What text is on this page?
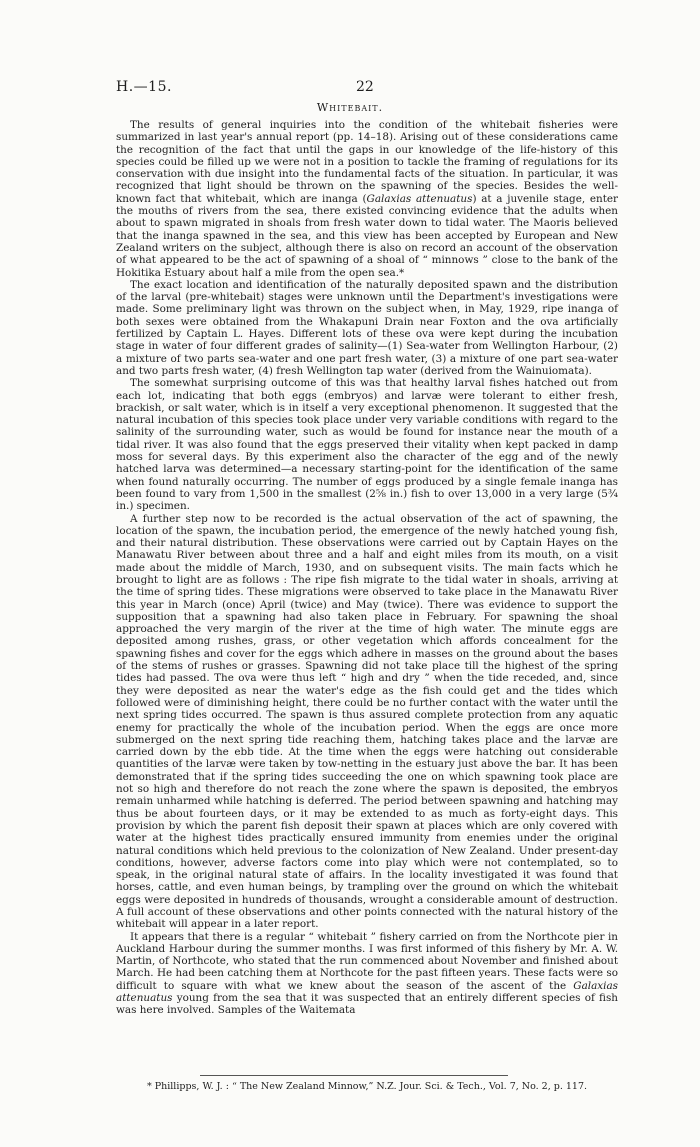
H.—15.	22
Whitebait.

The results of general inquiries into the condition of the whitebait fisheries were summarized in last year's annual report (pp. 14–18). Arising out of these considerations came the recognition of the fact that until the gaps in our knowledge of the life-history of this species could be filled up we were not in a position to tackle the framing of regulations for its conservation with due insight into the fundamental facts of the situation. In particular, it was recognized that light should be thrown on the spawning of the species. Besides the well-known fact that whitebait, which are inanga (Galaxias attenuatus) at a juvenile stage, enter the mouths of rivers from the sea, there existed convincing evidence that the adults when about to spawn migrated in shoals from fresh water down to tidal water. The Maoris believed that the inanga spawned in the sea, and this view has been accepted by European and New Zealand writers on the subject, although there is also on record an account of the observation of what appeared to be the act of spawning of a shoal of “ minnows ” close to the bank of the Hokitika Estuary about half a mile from the open sea.*

The exact location and identification of the naturally deposited spawn and the distribution of the larval (pre-whitebait) stages were unknown until the Department's investigations were made. Some preliminary light was thrown on the subject when, in May, 1929, ripe inanga of both sexes were obtained from the Whakapuni Drain near Foxton and the ova artificially fertilized by Captain L. Hayes. Different lots of these ova were kept during the incubation stage in water of four different grades of salinity—(1) Sea-water from Wellington Harbour, (2) a mixture of two parts sea-water and one part fresh water, (3) a mixture of one part sea-water and two parts fresh water, (4) fresh Wellington tap water (derived from the Wainuiomata).

The somewhat surprising outcome of this was that healthy larval fishes hatched out from each lot, indicating that both eggs (embryos) and larvæ were tolerant to either fresh, brackish, or salt water, which is in itself a very exceptional phenomenon. It suggested that the natural incubation of this species took place under very variable conditions with regard to the salinity of the surrounding water, such as would be found for instance near the mouth of a tidal river. It was also found that the eggs preserved their vitality when kept packed in damp moss for several days. By this experiment also the character of the egg and of the newly hatched larva was determined—a necessary starting-point for the identification of the same when found naturally occurring. The number of eggs produced by a single female inanga has been found to vary from 1,500 in the smallest (2⅝ in.) fish to over 13,000 in a very large (5¾ in.) specimen.

A further step now to be recorded is the actual observation of the act of spawning, the location of the spawn, the incubation period, the emergence of the newly hatched young fish, and their natural distribution. These observations were carried out by Captain Hayes on the Manawatu River between about three and a half and eight miles from its mouth, on a visit made about the middle of March, 1930, and on subsequent visits. The main facts which he brought to light are as follows : The ripe fish migrate to the tidal water in shoals, arriving at the time of spring tides. These migrations were observed to take place in the Manawatu River this year in March (once) April (twice) and May (twice). There was evidence to support the supposition that a spawning had also taken place in February. For spawning the shoal approached the very margin of the river at the time of high water. The minute eggs are deposited among rushes, grass, or other vegetation which affords concealment for the spawning fishes and cover for the eggs which adhere in masses on the ground about the bases of the stems of rushes or grasses. Spawning did not take place till the highest of the spring tides had passed. The ova were thus left “ high and dry ” when the tide receded, and, since they were deposited as near the water's edge as the fish could get and the tides which followed were of diminishing height, there could be no further contact with the water until the next spring tides occurred. The spawn is thus assured complete protection from any aquatic enemy for practically the whole of the incubation period. When the eggs are once more submerged on the next spring tide reaching them, hatching takes place and the larvæ are carried down by the ebb tide. At the time when the eggs were hatching out considerable quantities of the larvæ were taken by tow-netting in the estuary just above the bar. It has been demonstrated that if the spring tides succeeding the one on which spawning took place are not so high and therefore do not reach the zone where the spawn is deposited, the embryos remain unharmed while hatching is deferred. The period between spawning and hatching may thus be about fourteen days, or it may be extended to as much as forty-eight days. This provision by which the parent fish deposit their spawn at places which are only covered with water at the highest tides practically ensured immunity from enemies under the original natural conditions which held previous to the colonization of New Zealand. Under present-day conditions, however, adverse factors come into play which were not contemplated, so to speak, in the original natural state of affairs. In the locality investigated it was found that horses, cattle, and even human beings, by trampling over the ground on which the whitebait eggs were deposited in hundreds of thousands, wrought a considerable amount of destruction. A full account of these observations and other points connected with the natural history of the whitebait will appear in a later report.

It appears that there is a regular “ whitebait ” fishery carried on from the Northcote pier in Auckland Harbour during the summer months. I was first informed of this fishery by Mr. A. W. Martin, of Northcote, who stated that the run commenced about November and finished about March. He had been catching them at Northcote for the past fifteen years. These facts were so difficult to square with what we knew about the season of the ascent of the Galaxias attenuatus young from the sea that it was suspected that an entirely different species of fish was here involved. Samples of the Waitemata

* Phillipps, W. J. : “ The New Zealand Minnow,” N.Z. Jour. Sci. & Tech., Vol. 7, No. 2, p. 117.
